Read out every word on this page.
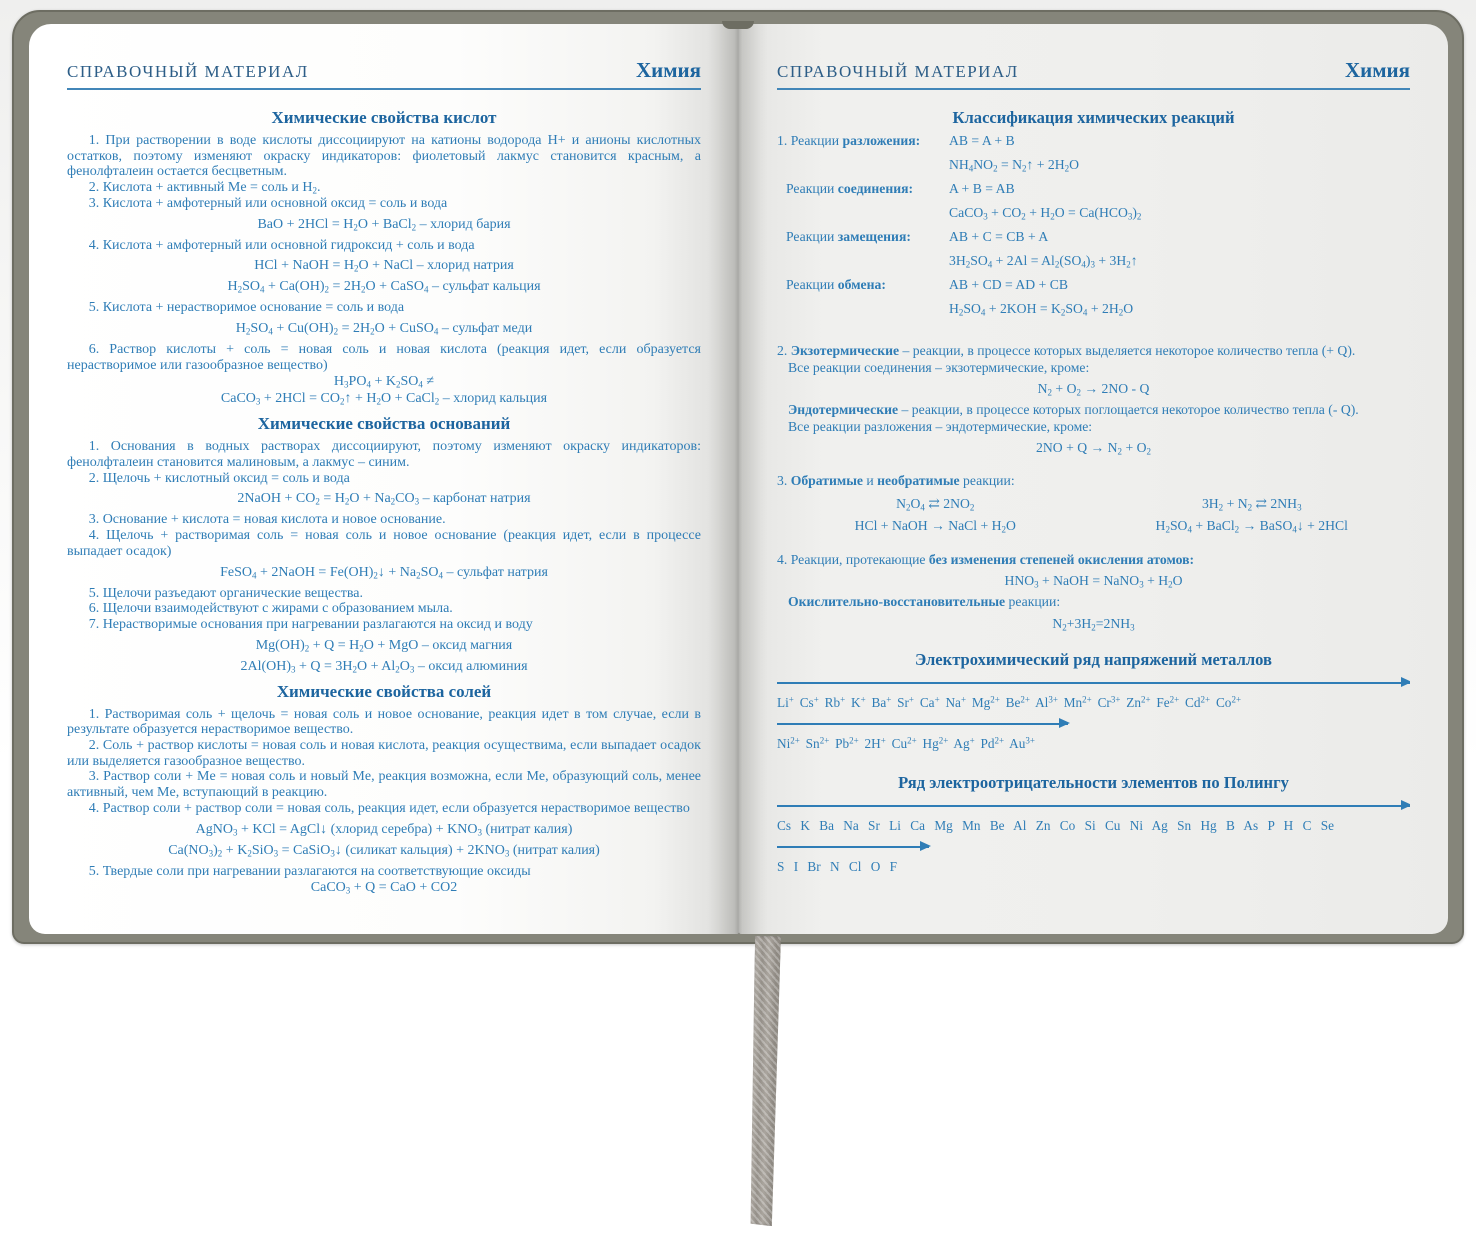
СПРАВОЧНЫЙ МАТЕРИАЛ	Химия
Химические свойства кислот
1. При растворении в воде кислоты диссоциируют на катионы водорода H+ и анионы кислотных остатков, поэтому изменяют окраску индикаторов: фиолетовый лакмус становится красным, а фенолфталеин остается бесцветным.
2. Кислота + активный Me = соль и $H_2$.
3. Кислота + амфотерный или основной оксид = соль и вода
BaO + $2HCl = H_2O$ + BaCl$_2$ – хлорид бария
4. Кислота + амфотерный или основной гидроксид + соль и вода
HCl + NaOH = $H_2O$ + NaCl – хлорид натрия
$H_2SO_4 + Ca(OH)_2 = 2H_2O$ + CaSO$_4$ – сульфат кальция
5. Кислота + нерастворимое основание = соль и вода
$H_2SO_4 + Cu(OH)_2 = 2H_2O$ + CuSO$_4$ – сульфат меди
6. Раствор кислоты + соль = новая соль и новая кислота (реакция идет, если образуется нерастворимое или газообразное вещество)
$H_3PO_4 + K_2SO_4$ ≠
CaCO$_3$ + $2HCl = CO_2↑ + H_2O$ + CaCl$_2$ – хлорид кальция
Химические свойства оснований
1. Основания в водных растворах диссоциируют, поэтому изменяют окраску индикаторов: фенолфталеин становится малиновым, а лакмус – синим.
2. Щелочь + кислотный оксид = соль и вода
2NaOH + $CO_2 = H_2O + Na_2CO_3$ – карбонат натрия
3. Основание + кислота = новая кислота и новое основание.
4. Щелочь + растворимая соль = новая соль и новое основание (реакция идет, если в процессе выпадает осадок)
FeSO$_4$ + 2NaOH = $Fe(OH)_2↓ + Na_2SO_4$ – сульфат натрия
5. Щелочи разъедают органические вещества.
6. Щелочи взаимодействуют с жирами с образованием мыла.
7. Нерастворимые основания при нагревании разлагаются на оксид и воду
$Mg(OH)_2 + Q = H_2O$ + MgO – оксид магния
$2Al(OH)_3 + Q = 3H_2O + Al_2O_3$ – оксид алюминия
Химические свойства солей
1. Растворимая соль + щелочь = новая соль и новое основание, реакция идет в том случае, если в результате образуется нерастворимое вещество.
2. Соль + раствор кислоты = новая соль и новая кислота, реакция осуществима, если выпадает осадок или выделяется газообразное вещество.
3. Раствор соли + Me = новая соль и новый Me, реакция возможна, если Me, образующий соль, менее активный, чем Me, вступающий в реакцию.
4. Раствор соли + раствор соли = новая соль, реакция идет, если образуется нерастворимое вещество
AgNO$_3$ + KCl = AgCl↓ (хлорид серебра) + $KNO_3$ (нитрат калия)
$Ca(NO_3)_2 + K_2SiO_3$ = CaSiO$_3$↓ (силикат кальция) + $2KNO_3$ (нитрат калия)
5. Твердые соли при нагревании разлагаются на соответствующие оксиды
CaCO$_3$ + Q = CaO + CO2
СПРАВОЧНЫЙ МАТЕРИАЛ	Химия
Классификация химических реакций
1. Реакции разложения:	AB = A + B
$NH_4NO_2$ = $N_2↑ + 2H_2O$
Реакции соединения:	A + B = AB
CaCO$_3$ + $CO_2 + H_2O = Ca(HCO_3)_2$
Реакции замещения:	AB + C = CB + A
$3H_2SO_4 + 2Al = Al_2(SO_4)_3$ + $3H_2↑$
Реакции обмена:	AB + CD = AD + CB
$H_2SO_4 + 2KOH = K_2SO_4 + 2H_2O$
2. Экзотермические – реакции, в процессе которых выделяется некоторое количество тепла (+ Q).
Все реакции соединения – экзотермические, кроме:
$N_2 + O_2 \to 2NO - Q$
Эндотермические – реакции, в процессе которых поглощается некоторое количество тепла (- Q).
Все реакции разложения – эндотермические, кроме:
$2NO + Q \to N_2 + O_2$
3. Обратимые и необратимые реакции:
$N_2O_4$ ⇄ $2NO_2$	$3H_2 + N_2$ ⇄ $2NH_3$
HCl + NaOH → NaCl + $H_2O$	$H_2SO_4$ + BaCl$_2$ → BaSO$_4$↓ + 2HCl
4. Реакции, протекающие без изменения степеней окисления атомов:
$HNO_3$ + NaOH = NaNO$_3$ + $H_2O$
Окислительно-восстановительные реакции:
$N_2+3H_2=2NH_3$
Электрохимический ряд напряжений металлов
Li+ Cs+ Rb+ K+ Ba+ Sr+ Ca+ Na+ $Mg^{2+}$ $Be^{2+}$ $Al^{3+}$ $Mn^{2+}$ $Cr^{3+}$ $Zn^{2+}$ $Fe^{2+}$ $Cd^{2+}$ $Co^{2+}$
$Ni^{2+}$ $Sn^{2+}$ $Pb^{2+}$ 2H+ $Cu^{2+}$ $Hg^{2+}$ Ag+ $Pd^{2+}$ $Au^{3+}$
Ряд электроотрицательности элементов по Полингу
Cs K Ba Na Sr Li Ca Mg Mn Be Al Zn Co Si Cu Ni Ag Sn Hg B As P H C Se
S I Br N Cl O F
